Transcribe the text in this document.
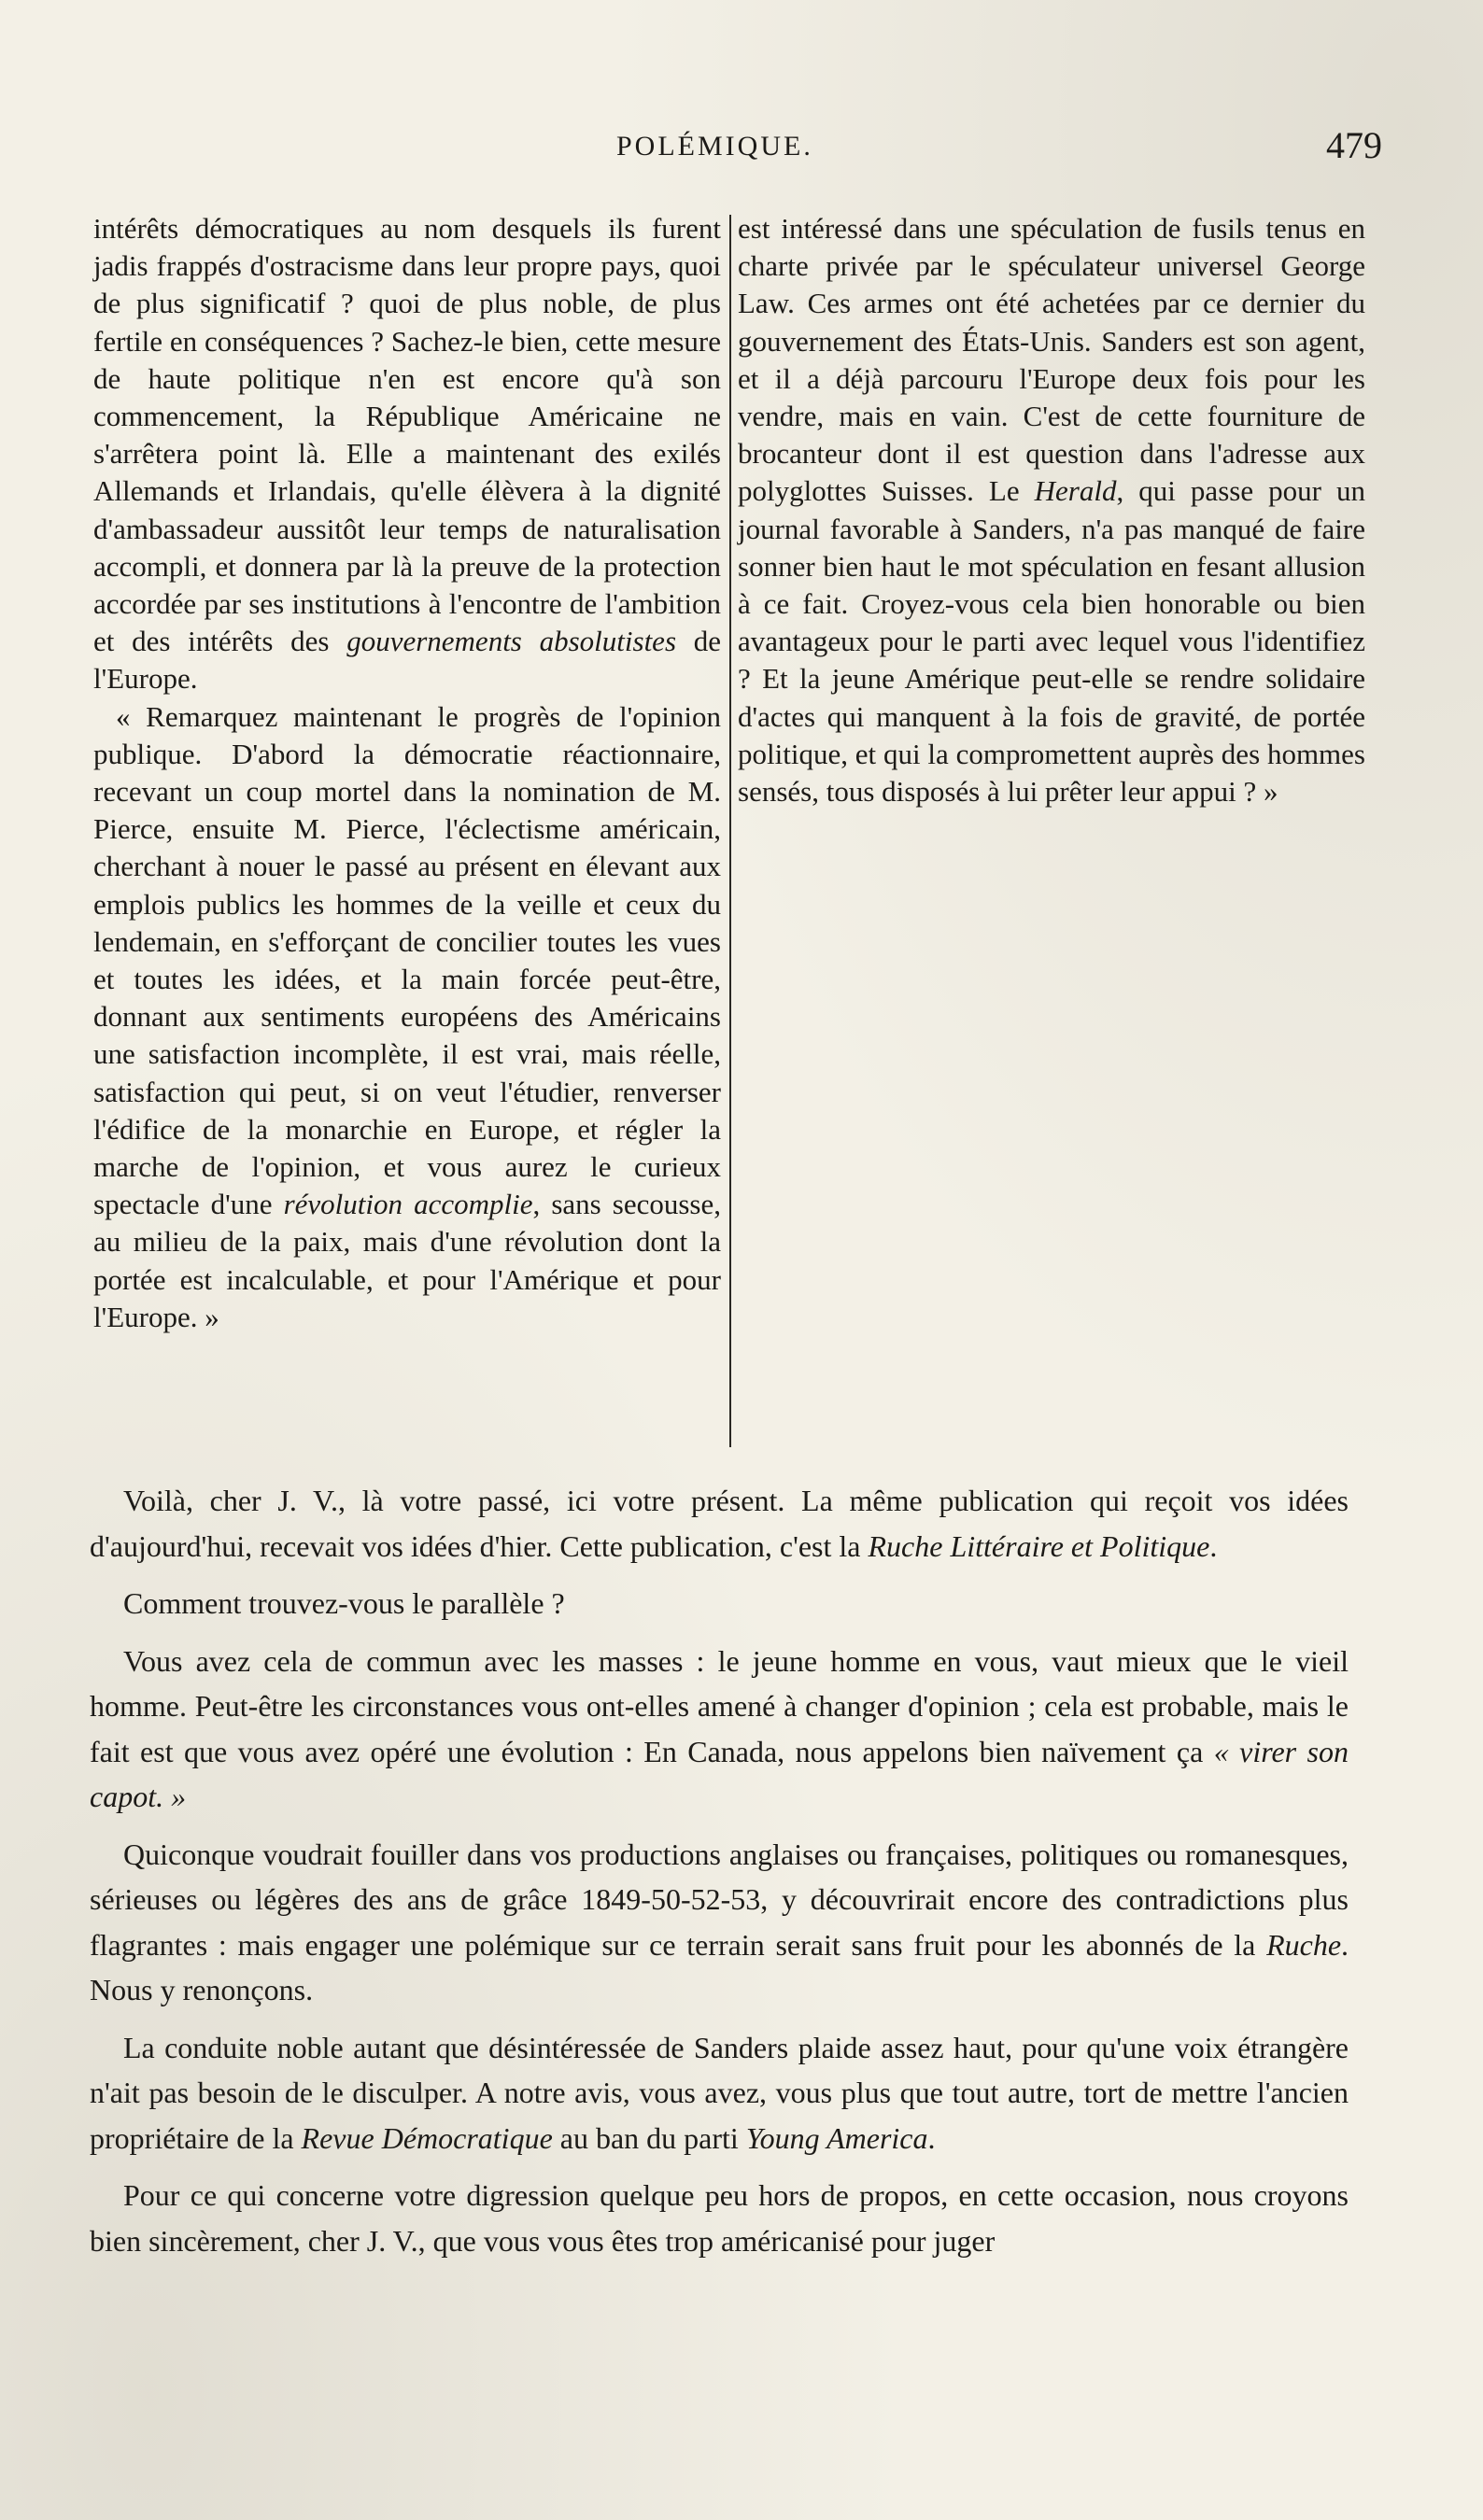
POLÉMIQUE.	479

intérêts démocratiques au nom desquels ils furent jadis frappés d'ostracisme dans leur propre pays, quoi de plus significatif ? quoi de plus noble, de plus fertile en conséquences ? Sachez-le bien, cette mesure de haute politique n'en est encore qu'à son commencement, la République Américaine ne s'arrêtera point là. Elle a maintenant des exilés Allemands et Irlandais, qu'elle élèvera à la dignité d'ambassadeur aussitôt leur temps de naturalisation accompli, et donnera par là la preuve de la protection accordée par ses institutions à l'encontre de l'ambition et des intérêts des gouvernements absolutistes de l'Europe.

« Remarquez maintenant le progrès de l'opinion publique. D'abord la démocratie réactionnaire, recevant un coup mortel dans la nomination de M. Pierce, ensuite M. Pierce, l'éclectisme américain, cherchant à nouer le passé au présent en élevant aux emplois publics les hommes de la veille et ceux du lendemain, en s'efforçant de concilier toutes les vues et toutes les idées, et la main forcée peut-être, donnant aux sentiments européens des Américains une satisfaction incomplète, il est vrai, mais réelle, satisfaction qui peut, si on veut l'étudier, renverser l'édifice de la monarchie en Europe, et régler la marche de l'opinion, et vous aurez le curieux spectacle d'une révolution accomplie, sans secousse, au milieu de la paix, mais d'une révolution dont la portée est incalculable, et pour l'Amérique et pour l'Europe. »

est intéressé dans une spéculation de fusils tenus en charte privée par le spéculateur universel George Law. Ces armes ont été achetées par ce dernier du gouvernement des États-Unis. Sanders est son agent, et il a déjà parcouru l'Europe deux fois pour les vendre, mais en vain. C'est de cette fourniture de brocanteur dont il est question dans l'adresse aux polyglottes Suisses. Le Herald, qui passe pour un journal favorable à Sanders, n'a pas manqué de faire sonner bien haut le mot spéculation en fesant allusion à ce fait. Croyez-vous cela bien honorable ou bien avantageux pour le parti avec lequel vous l'identifiez ? Et la jeune Amérique peut-elle se rendre solidaire d'actes qui manquent à la fois de gravité, de portée politique, et qui la compromettent auprès des hommes sensés, tous disposés à lui prêter leur appui ? »

Voilà, cher J. V., là votre passé, ici votre présent. La même publication qui reçoit vos idées d'aujourd'hui, recevait vos idées d'hier. Cette publication, c'est la Ruche Littéraire et Politique.

Comment trouvez-vous le parallèle ?

Vous avez cela de commun avec les masses : le jeune homme en vous, vaut mieux que le vieil homme. Peut-être les circonstances vous ont-elles amené à changer d'opinion ; cela est probable, mais le fait est que vous avez opéré une évolution : En Canada, nous appelons bien naïvement ça « virer son capot. »

Quiconque voudrait fouiller dans vos productions anglaises ou françaises, politiques ou romanesques, sérieuses ou légères des ans de grâce 1849-50-52-53, y découvrirait encore des contradictions plus flagrantes : mais engager une polémique sur ce terrain serait sans fruit pour les abonnés de la Ruche. Nous y renonçons.

La conduite noble autant que désintéressée de Sanders plaide assez haut, pour qu'une voix étrangère n'ait pas besoin de le disculper. A notre avis, vous avez, vous plus que tout autre, tort de mettre l'ancien propriétaire de la Revue Démocratique au ban du parti Young America.

Pour ce qui concerne votre digression quelque peu hors de propos, en cette occasion, nous croyons bien sincèrement, cher J. V., que vous vous êtes trop américanisé pour juger
